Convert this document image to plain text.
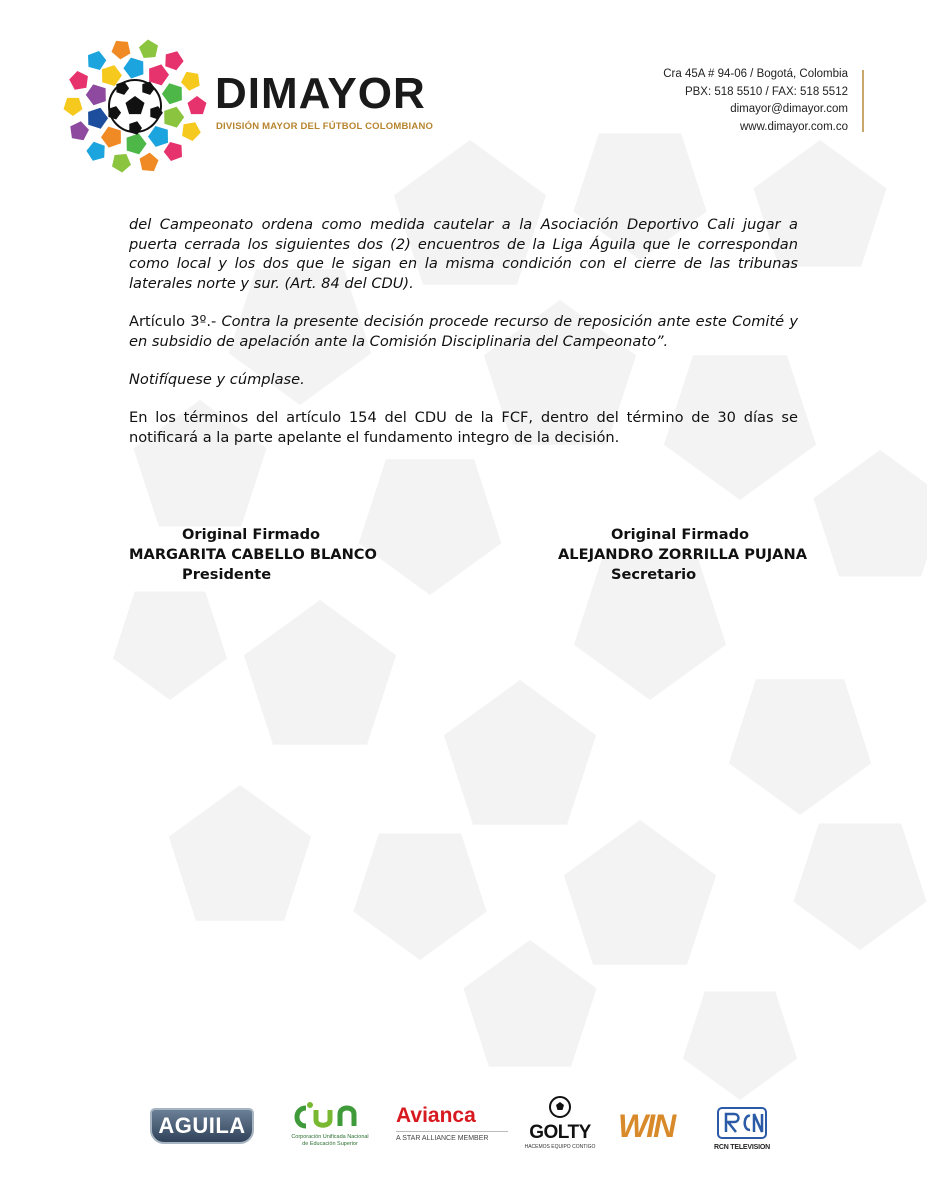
DIMAYOR
DIVISIÓN MAYOR DEL FÚTBOL COLOMBIANO
Cra 45A # 94-06 / Bogotá, Colombia
PBX: 518 5510 / FAX: 518 5512
dimayor@dimayor.com
www.dimayor.com.co
del Campeonato ordena como medida cautelar a la Asociación Deportivo Cali jugar a puerta cerrada los siguientes dos (2) encuentros de la Liga Águila que le correspondan como local y los dos que le sigan en la misma condición con el cierre de las tribunas laterales norte y sur. (Art. 84 del CDU).
Artículo 3º.- Contra la presente decisión procede recurso de reposición ante este Comité y en subsidio de apelación ante la Comisión Disciplinaria del Campeonato”.
Notifíquese y cúmplase.
En los términos del artículo 154 del CDU de la FCF, dentro del término de 30 días se notificará a la parte apelante el fundamento integro de la decisión.
Original Firmado
MARGARITA CABELLO BLANCO
Presidente
Original Firmado
ALEJANDRO ZORRILLA PUJANA
Secretario
AGUILA	Corporación Unificada Nacional de Educación Superior
Avianca
A STAR ALLIANCE MEMBER	GOLTY
HACEMOS EQUIPO CONTIGO
WIN
RCN TELEVISION
